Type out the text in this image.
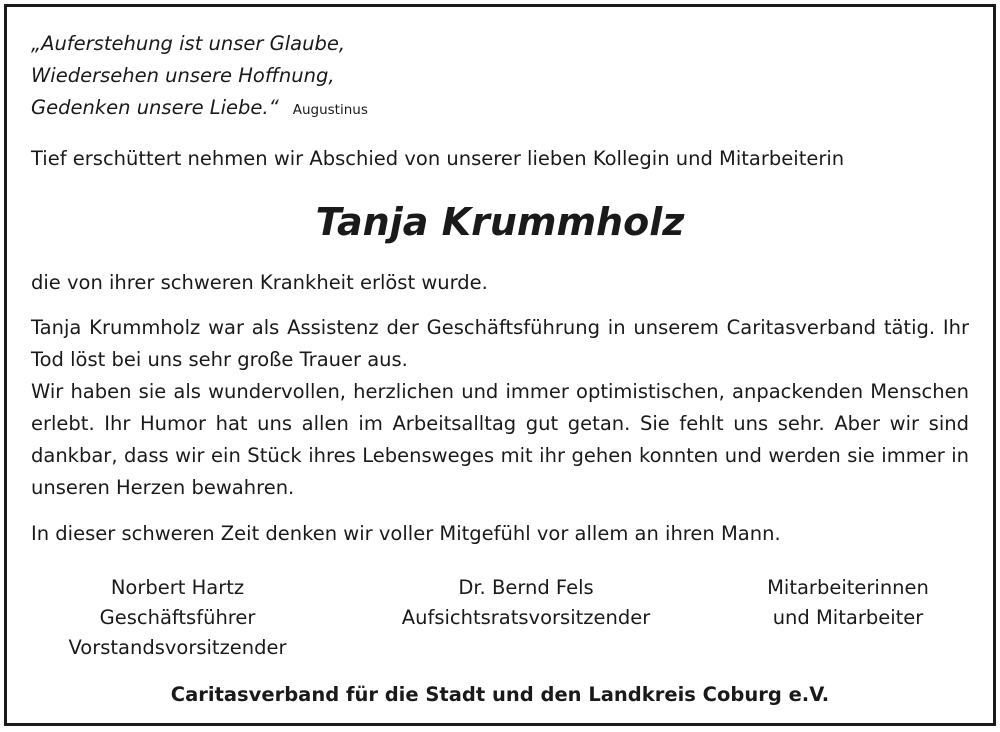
„Auferstehung ist unser Glaube,
Wiedersehen unsere Hoffnung,
Gedenken unsere Liebe.“ Augustinus

Tief erschüttert nehmen wir Abschied von unserer lieben Kollegin und Mitarbeiterin

Tanja Krummholz

die von ihrer schweren Krankheit erlöst wurde.

Tanja Krummholz war als Assistenz der Geschäftsführung in unserem Caritasverband tätig. Ihr Tod löst bei uns sehr große Trauer aus.
Wir haben sie als wundervollen, herzlichen und immer optimistischen, anpackenden Menschen erlebt. Ihr Humor hat uns allen im Arbeitsalltag gut getan. Sie fehlt uns sehr. Aber wir sind dankbar, dass wir ein Stück ihres Lebensweges mit ihr gehen konnten und werden sie immer in unseren Herzen bewahren.

In dieser schweren Zeit denken wir voller Mitgefühl vor allem an ihren Mann.

Norbert Hartz
Geschäftsführer
Vorstandsvorsitzender
Dr. Bernd Fels
Aufsichtsratsvorsitzender
Mitarbeiterinnen
und Mitarbeiter

Caritasverband für die Stadt und den Landkreis Coburg e.V.
